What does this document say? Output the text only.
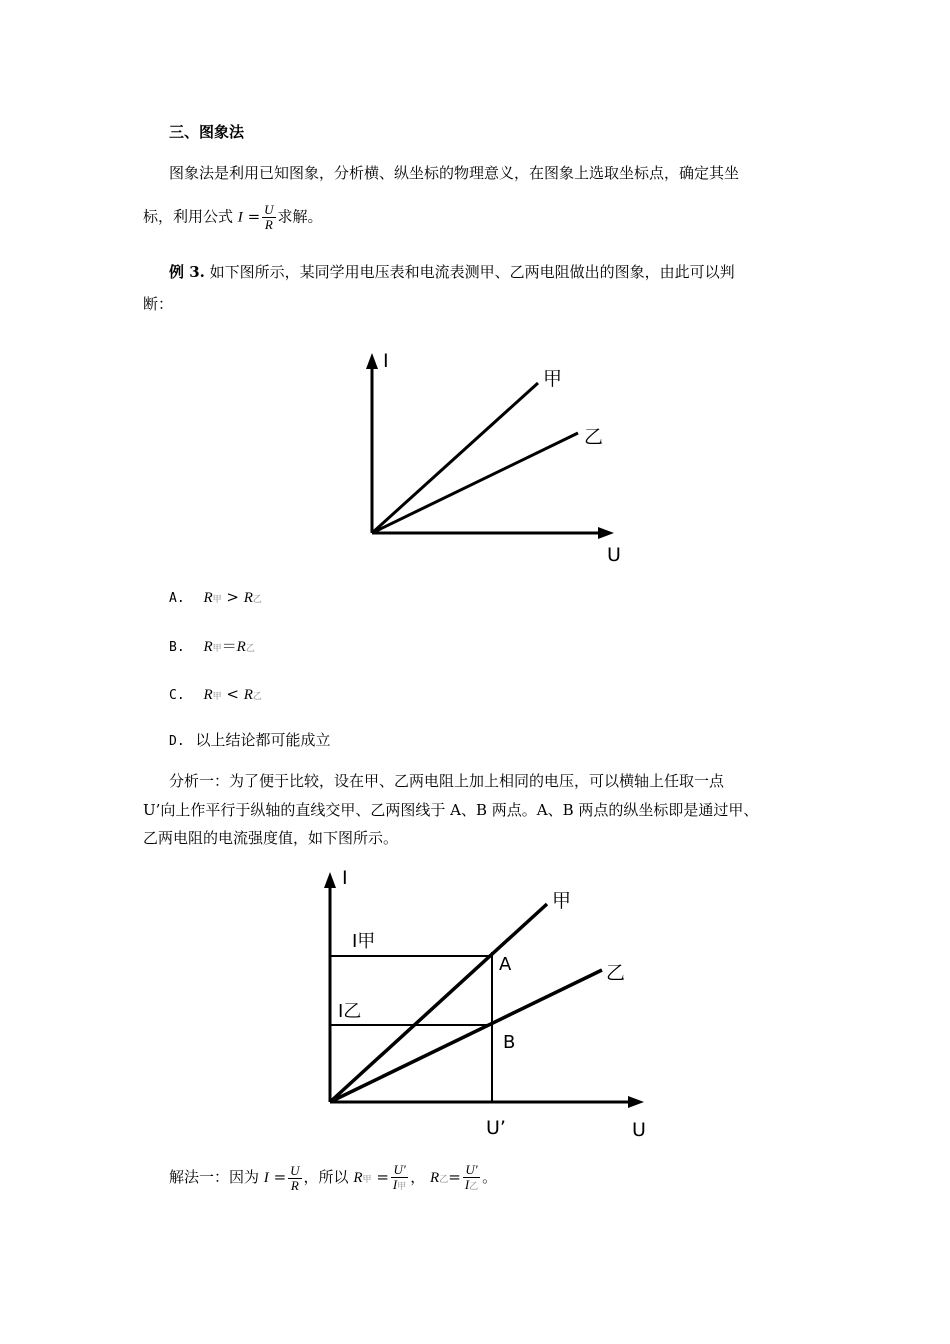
三、图象法
图象法是利用已知图象，分析横、纵坐标的物理意义，在图象上选取坐标点，确定其坐
标，利用公式 $I = \frac{U}{R}$ 求解。
例 3. 如下图所示，某同学用电压表和电流表测甲、乙两电阻做出的图象，由此可以判
断：
I
U
甲
乙
A. R甲 > R乙
B. R甲＝R乙
C. R甲 < R乙
D. 以上结论都可能成立
分析一：为了便于比较，设在甲、乙两电阻上加上相同的电压，可以横轴上任取一点
U’向上作平行于纵轴的直线交甲、乙两图线于 A、B 两点。A、B 两点的纵坐标即是通过甲、
乙两电阻的电流强度值，如下图所示。
I
U
甲
乙
I甲
I乙
A
B
U’
解法一：因为 $I = \frac{U}{R}$ ，所以 R甲 = $\frac{U'}{\text{I甲}}$ ， R乙= $\frac{U'}{\text{I乙}}$ 。
